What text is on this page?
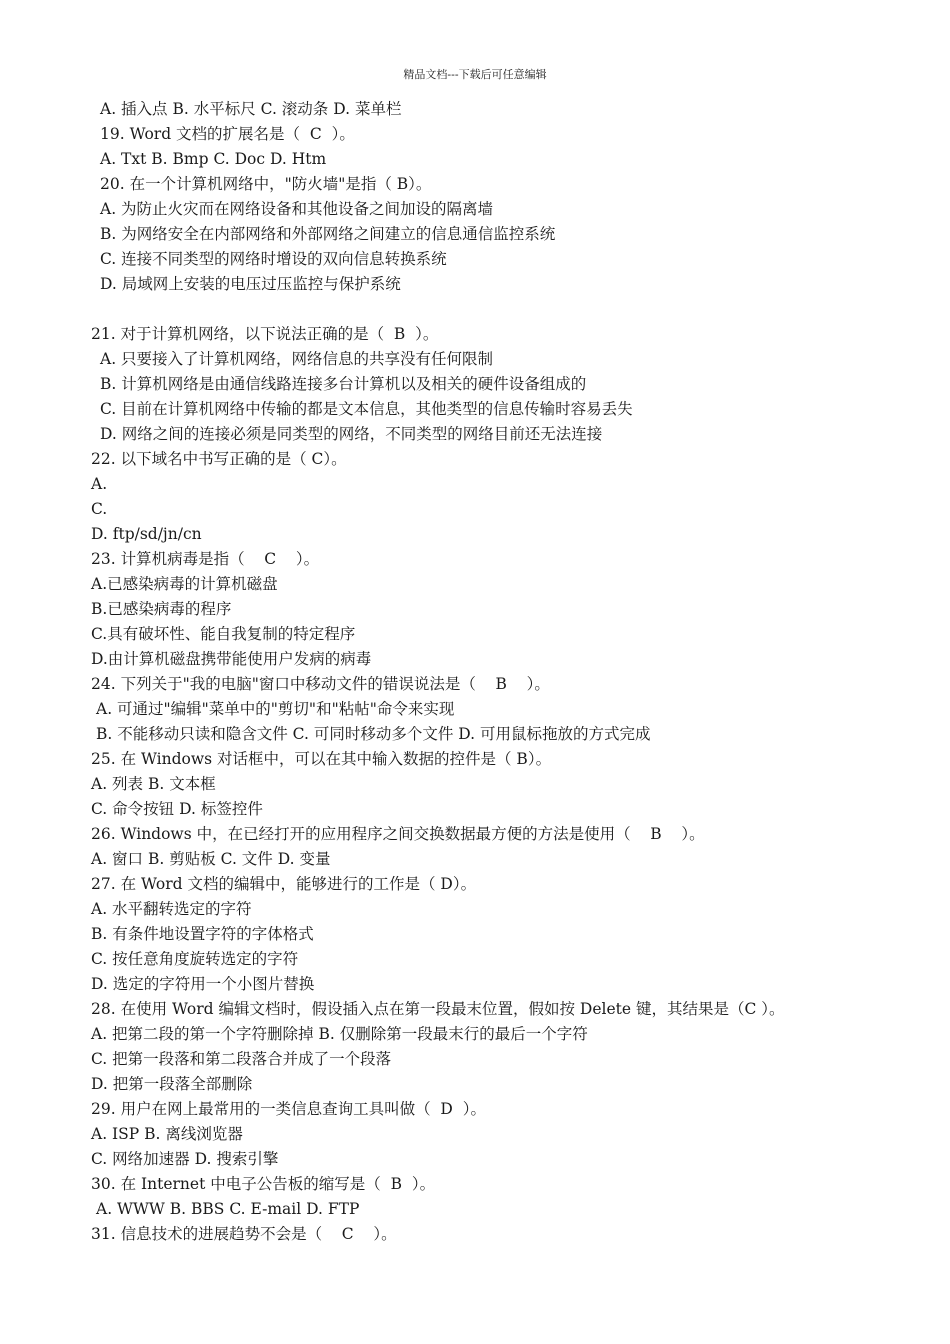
精品文档---下载后可任意编辑
A. 插入点 B. 水平标尺 C. 滚动条 D. 菜单栏
19. Word 文档的扩展名是（  C  ）。
A. Txt B. Bmp C. Doc D. Htm
20. 在一个计算机网络中，"防火墙"是指（ B）。
A. 为防止火灾而在网络设备和其他设备之间加设的隔离墙
B. 为网络安全在内部网络和外部网络之间建立的信息通信监控系统
C. 连接不同类型的网络时增设的双向信息转换系统
D. 局域网上安装的电压过压监控与保护系统
21. 对于计算机网络，以下说法正确的是（  B  ）。
A. 只要接入了计算机网络，网络信息的共享没有任何限制
B. 计算机网络是由通信线路连接多台计算机以及相关的硬件设备组成的
C. 目前在计算机网络中传输的都是文本信息，其他类型的信息传输时容易丢失
D. 网络之间的连接必须是同类型的网络，不同类型的网络目前还无法连接
22. 以下域名中书写正确的是（ C）。
A.
C.
D. ftp/sd/jn/cn
23. 计算机病毒是指（    C    ）。
A.已感染病毒的计算机磁盘
B.已感染病毒的程序
C.具有破坏性、能自我复制的特定程序
D.由计算机磁盘携带能使用户发病的病毒
24. 下列关于"我的电脑"窗口中移动文件的错误说法是（    B    ）。
A. 可通过"编辑"菜单中的"剪切"和"粘帖"命令来实现
B. 不能移动只读和隐含文件 C. 可同时移动多个文件 D. 可用鼠标拖放的方式完成
25. 在 Windows 对话框中，可以在其中输入数据的控件是（ B）。
A. 列表 B. 文本框
C. 命令按钮 D. 标签控件
26. Windows 中，在已经打开的应用程序之间交换数据最方便的方法是使用（    B    ）。
A. 窗口 B. 剪贴板 C. 文件 D. 变量
27. 在 Word 文档的编辑中，能够进行的工作是（ D）。
A. 水平翻转选定的字符
B. 有条件地设置字符的字体格式
C. 按任意角度旋转选定的字符
D. 选定的字符用一个小图片替换
28. 在使用 Word 编辑文档时，假设插入点在第一段最末位置，假如按 Delete 键，其结果是（C ）。
A. 把第二段的第一个字符删除掉 B. 仅删除第一段最末行的最后一个字符
C. 把第一段落和第二段落合并成了一个段落
D. 把第一段落全部删除
29. 用户在网上最常用的一类信息查询工具叫做（  D  ）。
A. ISP B. 离线浏览器
C. 网络加速器 D. 搜索引擎
30. 在 Internet 中电子公告板的缩写是（  B  ）。
A. WWW B. BBS C. E-mail D. FTP
31. 信息技术的进展趋势不会是（    C    ）。
